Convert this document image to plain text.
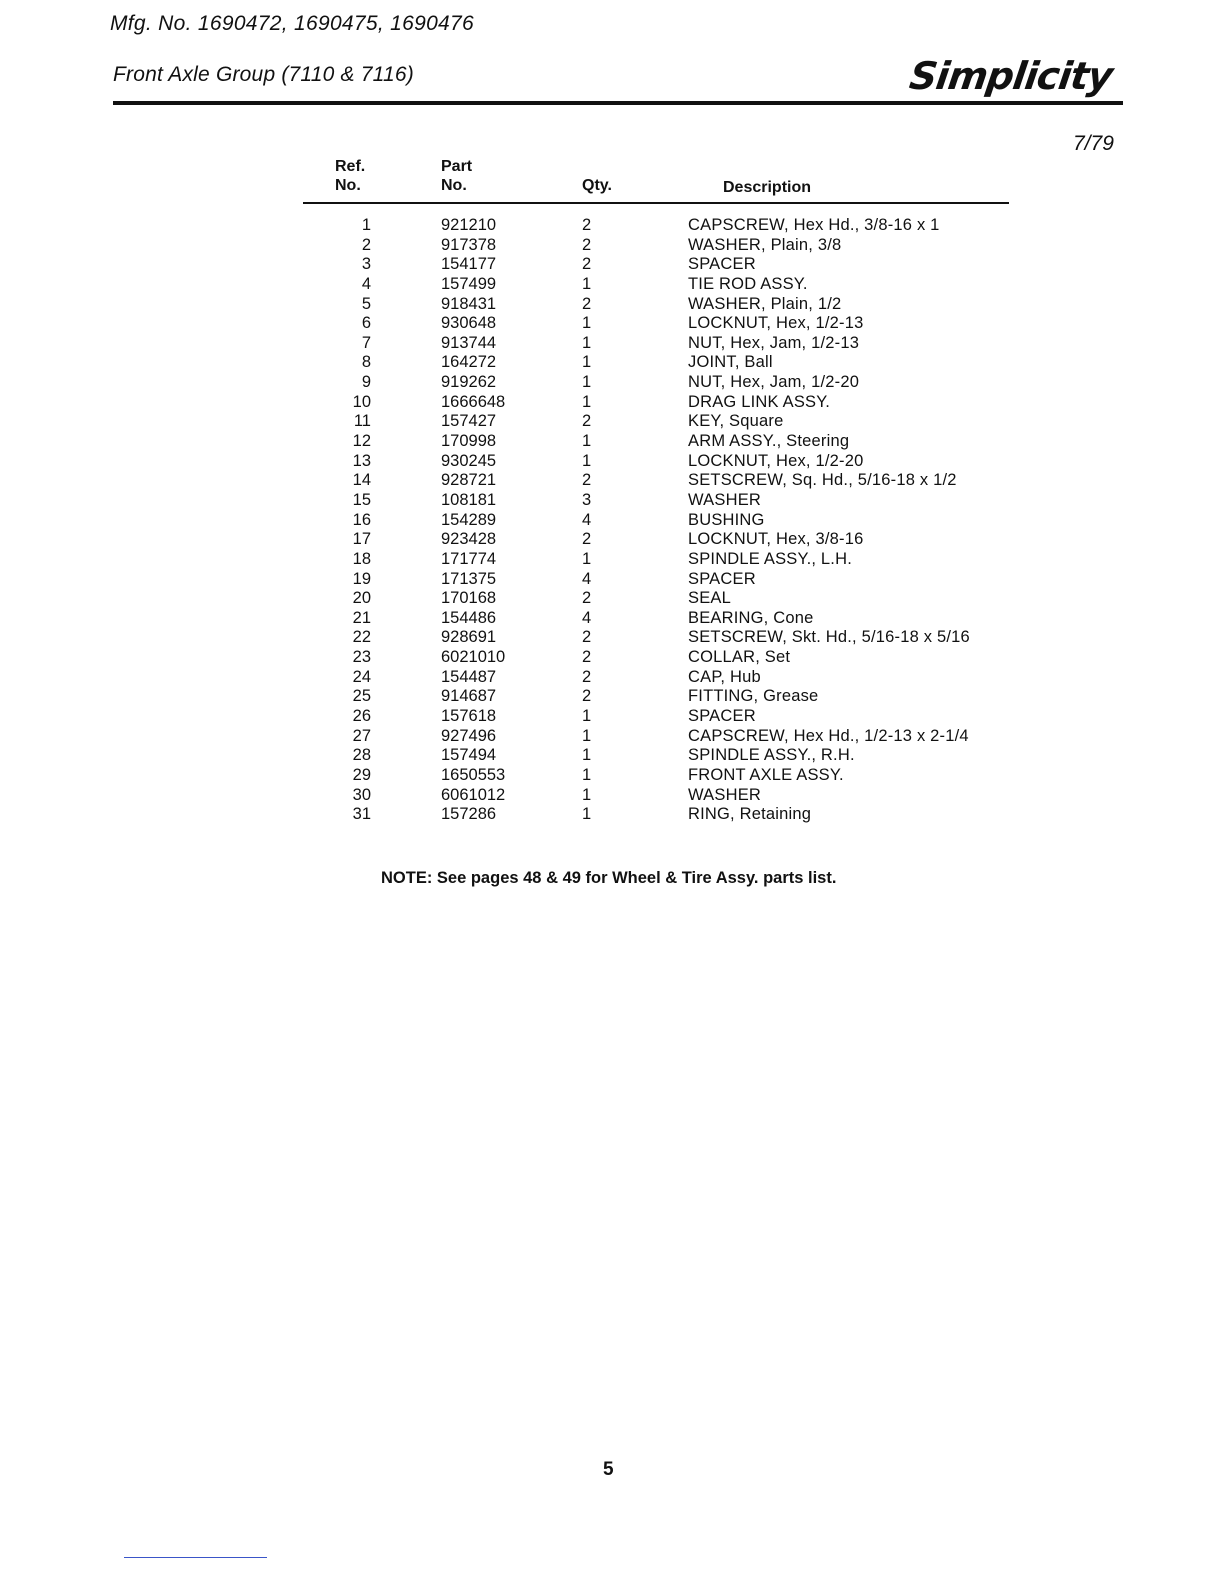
Mfg. No. 1690472, 1690475, 1690476
Front Axle Group (7110 & 7116)	Simplicity
7/79
Ref.
No.
Part
No.	Qty.	Description
1	921210	2	CAPSCREW, Hex Hd., 3/8-16 x 1
2	917378	2	WASHER, Plain, 3/8
3	154177	2	SPACER
4	157499	1	TIE ROD ASSY.
5	918431	2	WASHER, Plain, 1/2
6	930648	1	LOCKNUT, Hex, 1/2-13
7	913744	1	NUT, Hex, Jam, 1/2-13
8	164272	1	JOINT, Ball
9	919262	1	NUT, Hex, Jam, 1/2-20
10	1666648	1	DRAG LINK ASSY.
11	157427	2	KEY, Square
12	170998	1	ARM ASSY., Steering
13	930245	1	LOCKNUT, Hex, 1/2-20
14	928721	2	SETSCREW, Sq. Hd., 5/16-18 x 1/2
15	108181	3	WASHER
16	154289	4	BUSHING
17	923428	2	LOCKNUT, Hex, 3/8-16
18	171774	1	SPINDLE ASSY., L.H.
19	171375	4	SPACER
20	170168	2	SEAL
21	154486	4	BEARING, Cone
22	928691	2	SETSCREW, Skt. Hd., 5/16-18 x 5/16
23	6021010	2	COLLAR, Set
24	154487	2	CAP, Hub
25	914687	2	FITTING, Grease
26	157618	1	SPACER
27	927496	1	CAPSCREW, Hex Hd., 1/2-13 x 2-1/4
28	157494	1	SPINDLE ASSY., R.H.
29	1650553	1	FRONT AXLE ASSY.
30	6061012	1	WASHER
31	157286	1	RING, Retaining
NOTE: See pages 48 & 49 for Wheel & Tire Assy. parts list.
5
